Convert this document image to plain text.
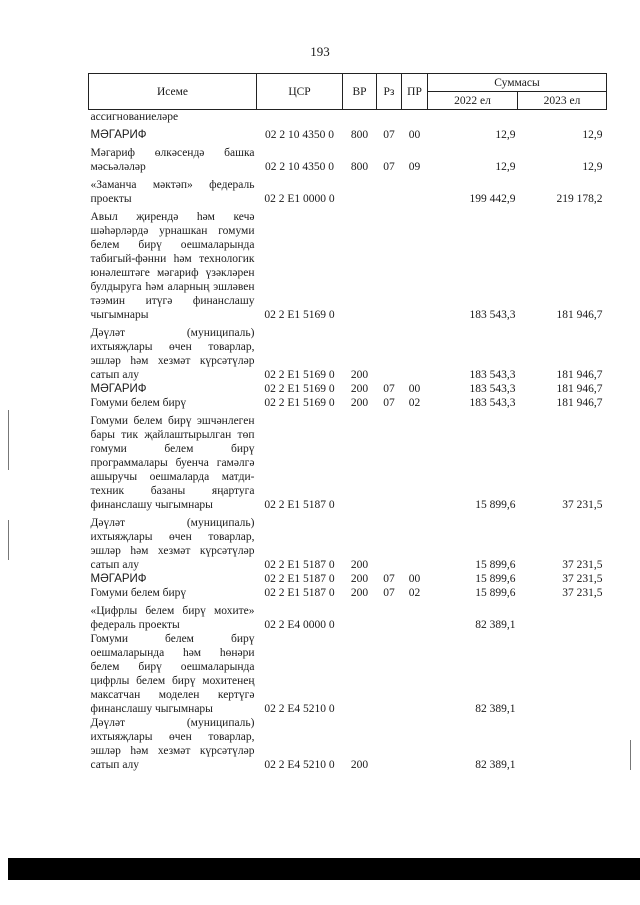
193
Исеме	ЦСР	ВР	Рз	ПР	Суммасы	
					2022 ел	2023 ел
ассигнованиеләре						

МӘГАРИФ	02 2 10 4350 0	800	07	00	12,9	12,9

Мәгариф өлкәсендә башка мәсьәләләр	02 2 10 4350 0	800	07	09	12,9	12,9

«Заманча мәктәп» федераль проекты	02 2 E1 0000 0				199 442,9	219 178,2

Авыл җирендә һәм кечә шәһәрләрдә урнашкан гомуми белем бирү оешмаларында табигый-фәнни һәм технологик юнәлештәге мәгариф үзәкләрен булдыруга һәм аларның эшләвен тәэмин итүгә финанслашу чыгымнары	02 2 E1 5169 0				183 543,3	181 946,7

Дәүләт (муниципаль) ихтыяҗлары өчен товарлар, эшләр һәм хезмәт күрсәтүләр сатып алу	02 2 E1 5169 0	200			183 543,3	181 946,7
МӘГАРИФ	02 2 E1 5169 0	200	07	00	183 543,3	181 946,7
Гомуми белем бирү	02 2 E1 5169 0	200	07	02	183 543,3	181 946,7

Гомуми белем бирү эшчәнлеген бары тик җайлаштырылган төп гомуми белем бирү программалары буенча гамәлгә ашыручы оешмаларда матди-техник базаны яңартуга финанслашу чыгымнары	02 2 E1 5187 0				15 899,6	37 231,5

Дәүләт (муниципаль) ихтыяҗлары өчен товарлар, эшләр һәм хезмәт күрсәтүләр сатып алу	02 2 E1 5187 0	200			15 899,6	37 231,5
МӘГАРИФ	02 2 E1 5187 0	200	07	00	15 899,6	37 231,5
Гомуми белем бирү	02 2 E1 5187 0	200	07	02	15 899,6	37 231,5

«Цифрлы белем бирү мохите» федераль проекты	02 2 E4 0000 0				82 389,1	
Гомуми белем бирү оешмаларында һәм һөнәри белем бирү оешмаларында цифрлы белем бирү мохитенең максатчан моделен кертүгә финанслашу чыгымнары	02 2 E4 5210 0				82 389,1	
Дәүләт (муниципаль) ихтыяҗлары өчен товарлар, эшләр һәм хезмәт күрсәтүләр сатып алу	02 2 E4 5210 0	200			82 389,1	
